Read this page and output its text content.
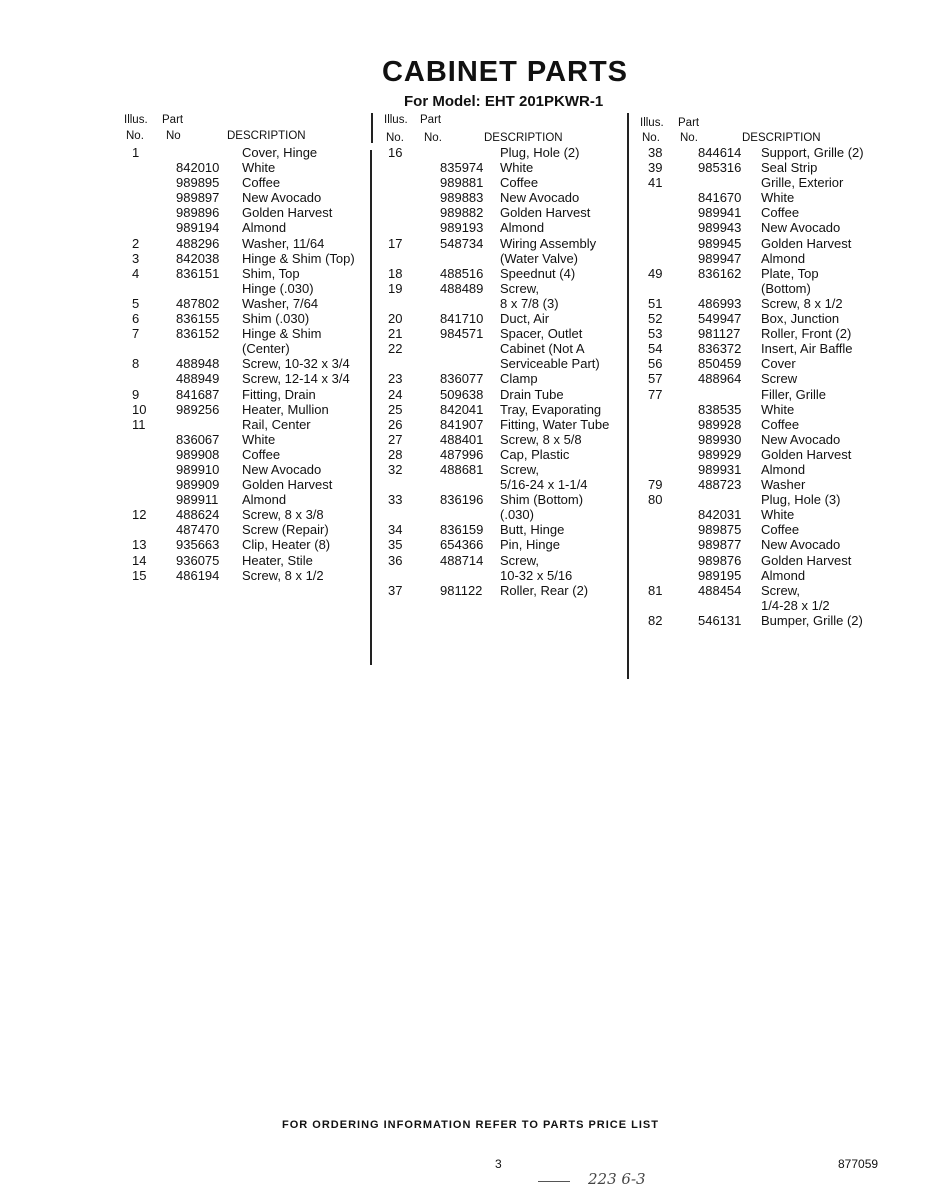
CABINET PARTS
For Model: EHT 201PKWR-1
Illus. Part
No. No	DESCRIPTION
1	Cover, Hinge
842010 White
989895 Coffee
989897 New Avocado
989896 Golden Harvest
989194 Almond
2	488296 Washer, 11/64
3	842038 Hinge & Shim (Top)
4	836151 Shim, Top
Hinge (.030)
5	487802 Washer, 7/64
6	836155 Shim (.030)
7	836152 Hinge & Shim
(Center)
8	488948 Screw, 10-32 x 3/4
488949 Screw, 12-14 x 3/4
9	841687 Fitting, Drain
10 989256 Heater, Mullion
11	Rail, Center
836067 White
989908 Coffee
989910 New Avocado
989909 Golden Harvest
989911 Almond
12 488624 Screw, 8 x 3/8
487470 Screw (Repair)
13 935663 Clip, Heater (8)
14 936075 Heater, Stile
15 486194 Screw, 8 x 1/2
Illus. Part
No. No.	DESCRIPTION
16	Plug, Hole (2)
835974 White
989881 Coffee
989883 New Avocado
989882 Golden Harvest
989193 Almond
17	548734 Wiring Assembly
(Water Valve)
18	488516 Speednut (4)
19	488489 Screw,
8 x 7/8 (3)
20	841710 Duct, Air
21	984571 Spacer, Outlet
22	Cabinet (Not A
Serviceable Part)
23	836077 Clamp
24	509638 Drain Tube
25	842041 Tray, Evaporating
26	841907 Fitting, Water Tube
27	488401 Screw, 8 x 5/8
28	487996 Cap, Plastic
32	488681 Screw,
5/16-24 x 1-1/4
33	836196 Shim (Bottom)
(.030)
34	836159 Butt, Hinge
35	654366 Pin, Hinge
36	488714 Screw,
10-32 x 5/16
37	981122 Roller, Rear (2)
Illus. Part
No. No.	DESCRIPTION
38	844614 Support, Grille (2)
39	985316 Seal Strip
41	Grille, Exterior
841670 White
989941 Coffee
989943 New Avocado
989945 Golden Harvest
989947 Almond
49	836162 Plate, Top
(Bottom)
51	486993 Screw, 8 x 1/2
52	549947 Box, Junction
53	981127 Roller, Front (2)
54	836372 Insert, Air Baffle
56	850459 Cover
57	488964 Screw
77	Filler, Grille
838535 White
989928 Coffee
989930 New Avocado
989929 Golden Harvest
989931 Almond
79	488723 Washer
80	Plug, Hole (3)
842031 White
989875 Coffee
989877 New Avocado
989876 Golden Harvest
989195 Almond
81	488454 Screw,
1/4-28 x 1/2
82	546131 Bumper, Grille (2)
FOR ORDERING INFORMATION REFER TO PARTS PRICE LIST
3	877059
223 6-3
